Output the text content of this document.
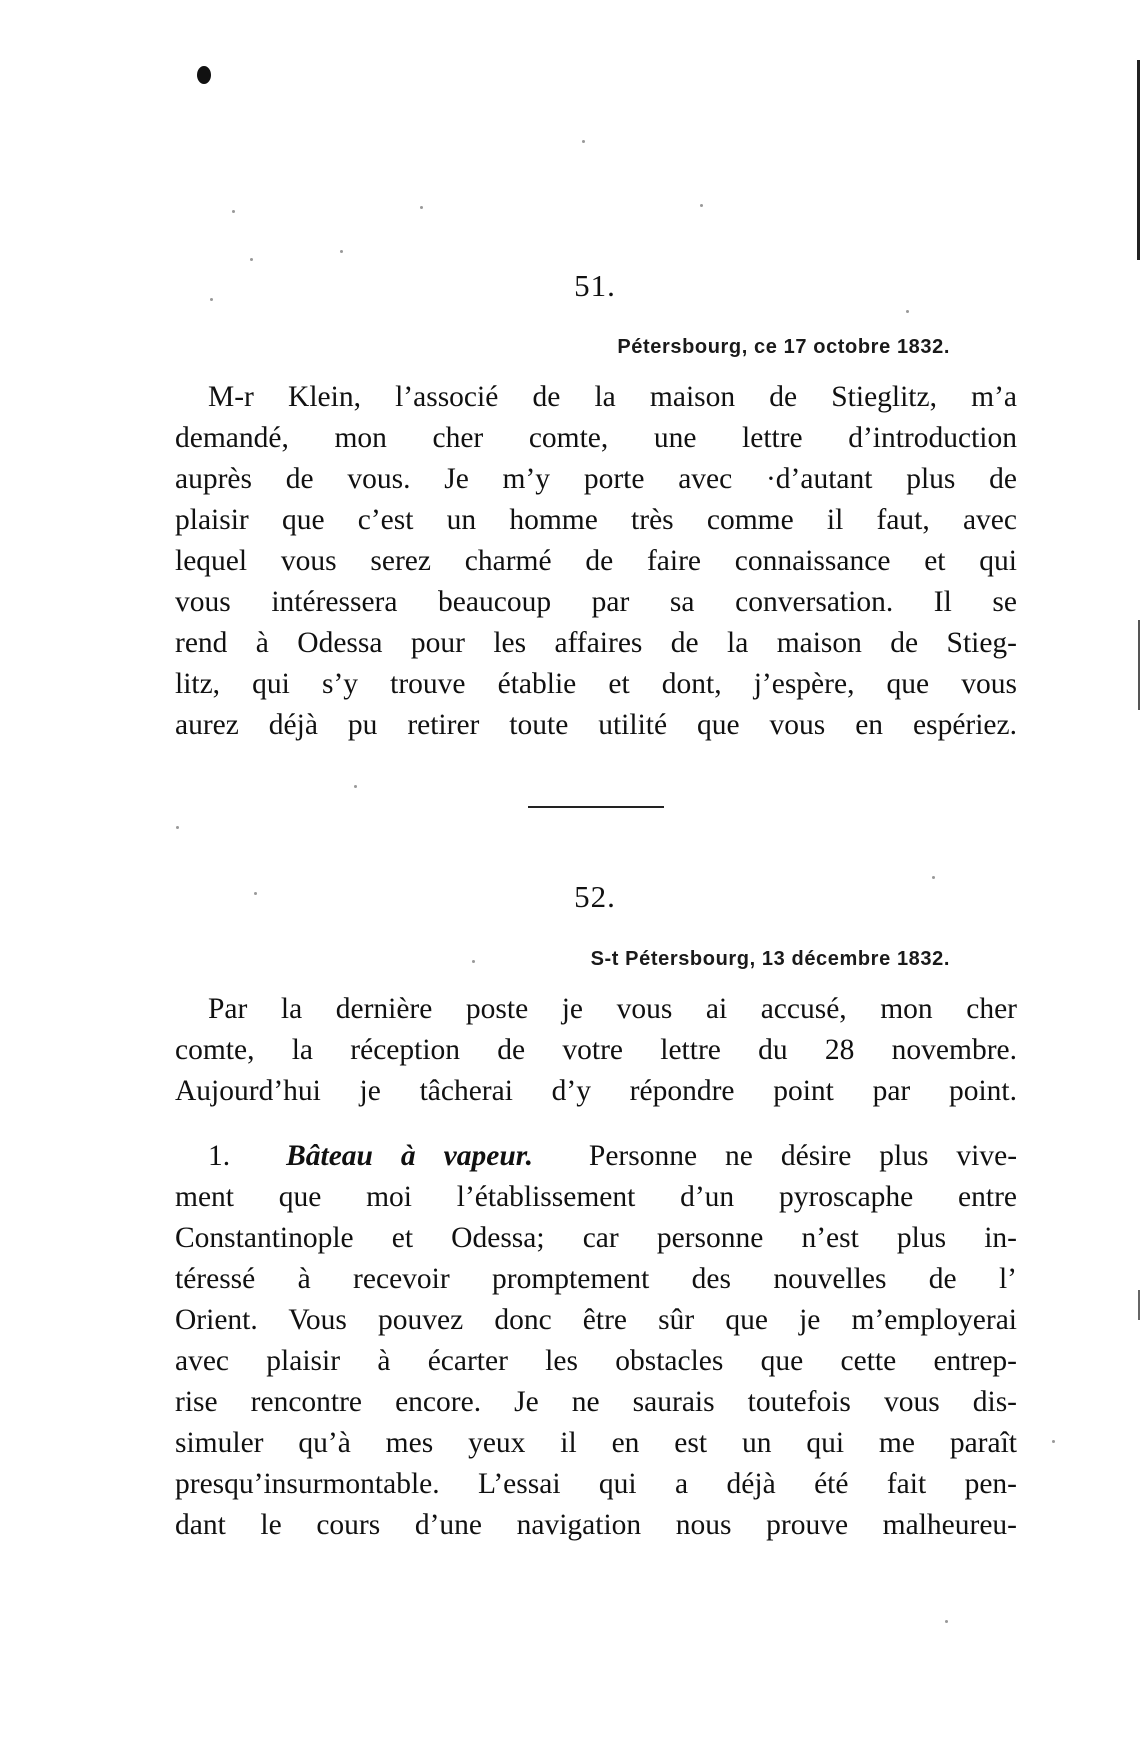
51.
Pétersbourg, ce 17 octobre 1832.
M-r Klein, l’associé de la maison de Stieglitz, m’a
demandé, mon cher comte, une lettre d’introduction
auprès de vous. Je m’y porte avec ·d’autant plus de
plaisir que c’est un homme très comme il faut, avec
lequel vous serez charmé de faire connaissance et qui
vous intéressera beaucoup par sa conversation. Il se
rend à Odessa pour les affaires de la maison de Stieg-
litz, qui s’y trouve établie et dont, j’espère, que vous
aurez déjà pu retirer toute utilité que vous en espériez.
52.
S-t Pétersbourg, 13 décembre 1832.
Par la dernière poste je vous ai accusé, mon cher
comte, la réception de votre lettre du 28 novembre.
Aujourd’hui je tâcherai d’y répondre point par point.
1. Bâteau à vapeur. Personne ne désire plus vive-
ment que moi l’établissement d’un pyroscaphe entre
Constantinople et Odessa; car personne n’est plus in-
téressé à recevoir promptement des nouvelles de l’
Orient. Vous pouvez donc être sûr que je m’employerai
avec plaisir à écarter les obstacles que cette entrep-
rise rencontre encore. Je ne saurais toutefois vous dis-
simuler qu’à mes yeux il en est un qui me paraît
presqu’insurmontable. L’essai qui a déjà été fait pen-
dant le cours d’une navigation nous prouve malheureu-
